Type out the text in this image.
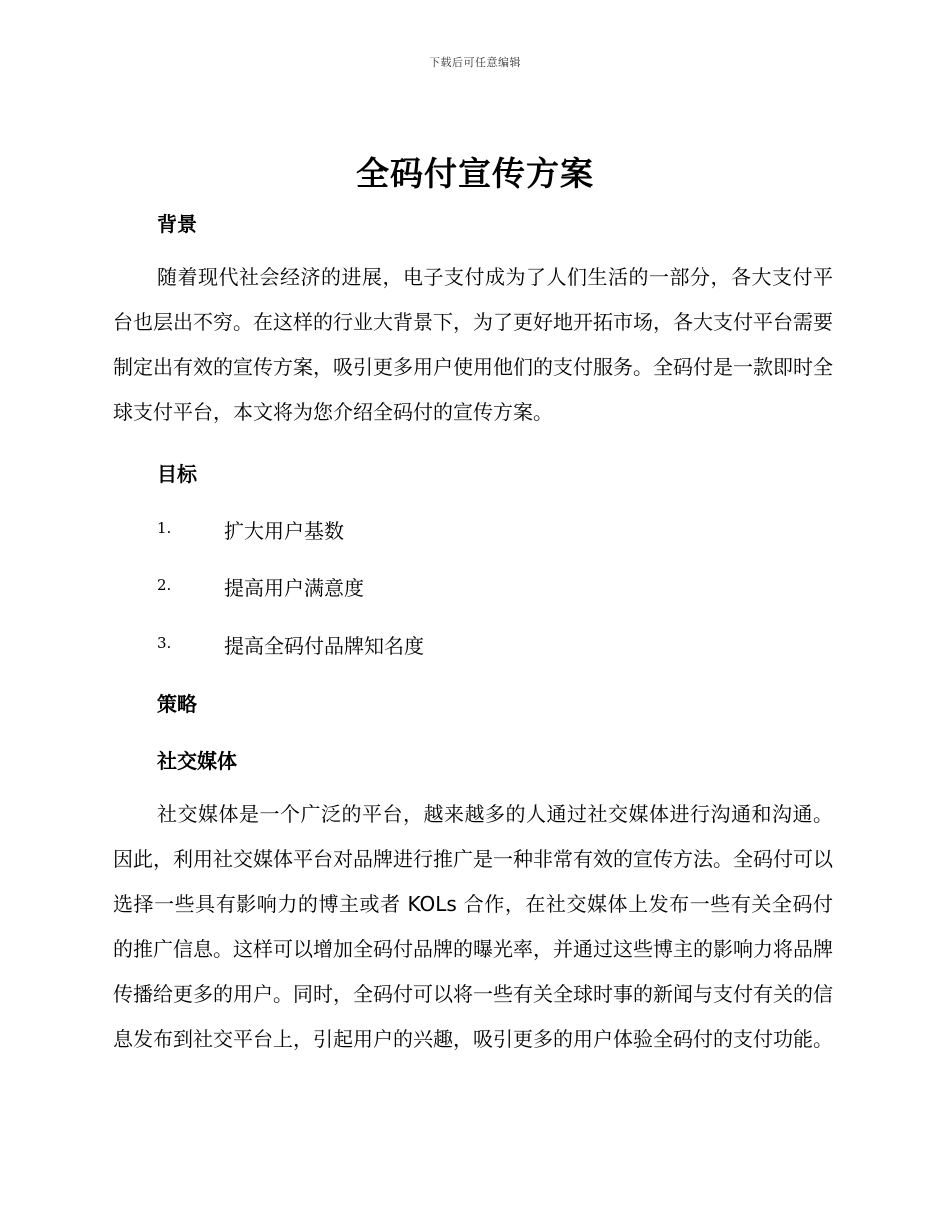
下载后可任意编辑
全码付宣传方案
背景

随着现代社会经济的进展，电子支付成为了人们生活的一部分，各大支付平台也层出不穷。在这样的行业大背景下，为了更好地开拓市场，各大支付平台需要制定出有效的宣传方案，吸引更多用户使用他们的支付服务。全码付是一款即时全球支付平台，本文将为您介绍全码付的宣传方案。

目标
1.	扩大用户基数
2.	提高用户满意度
3.	提高全码付品牌知名度
策略
社交媒体

社交媒体是一个广泛的平台，越来越多的人通过社交媒体进行沟通和沟通。因此，利用社交媒体平台对品牌进行推广是一种非常有效的宣传方法。全码付可以选择一些具有影响力的博主或者 KOLs 合作，在社交媒体上发布一些有关全码付的推广信息。这样可以增加全码付品牌的曝光率，并通过这些博主的影响力将品牌传播给更多的用户。同时，全码付可以将一些有关全球时事的新闻与支付有关的信息发布到社交平台上，引起用户的兴趣，吸引更多的用户体验全码付的支付功能。
